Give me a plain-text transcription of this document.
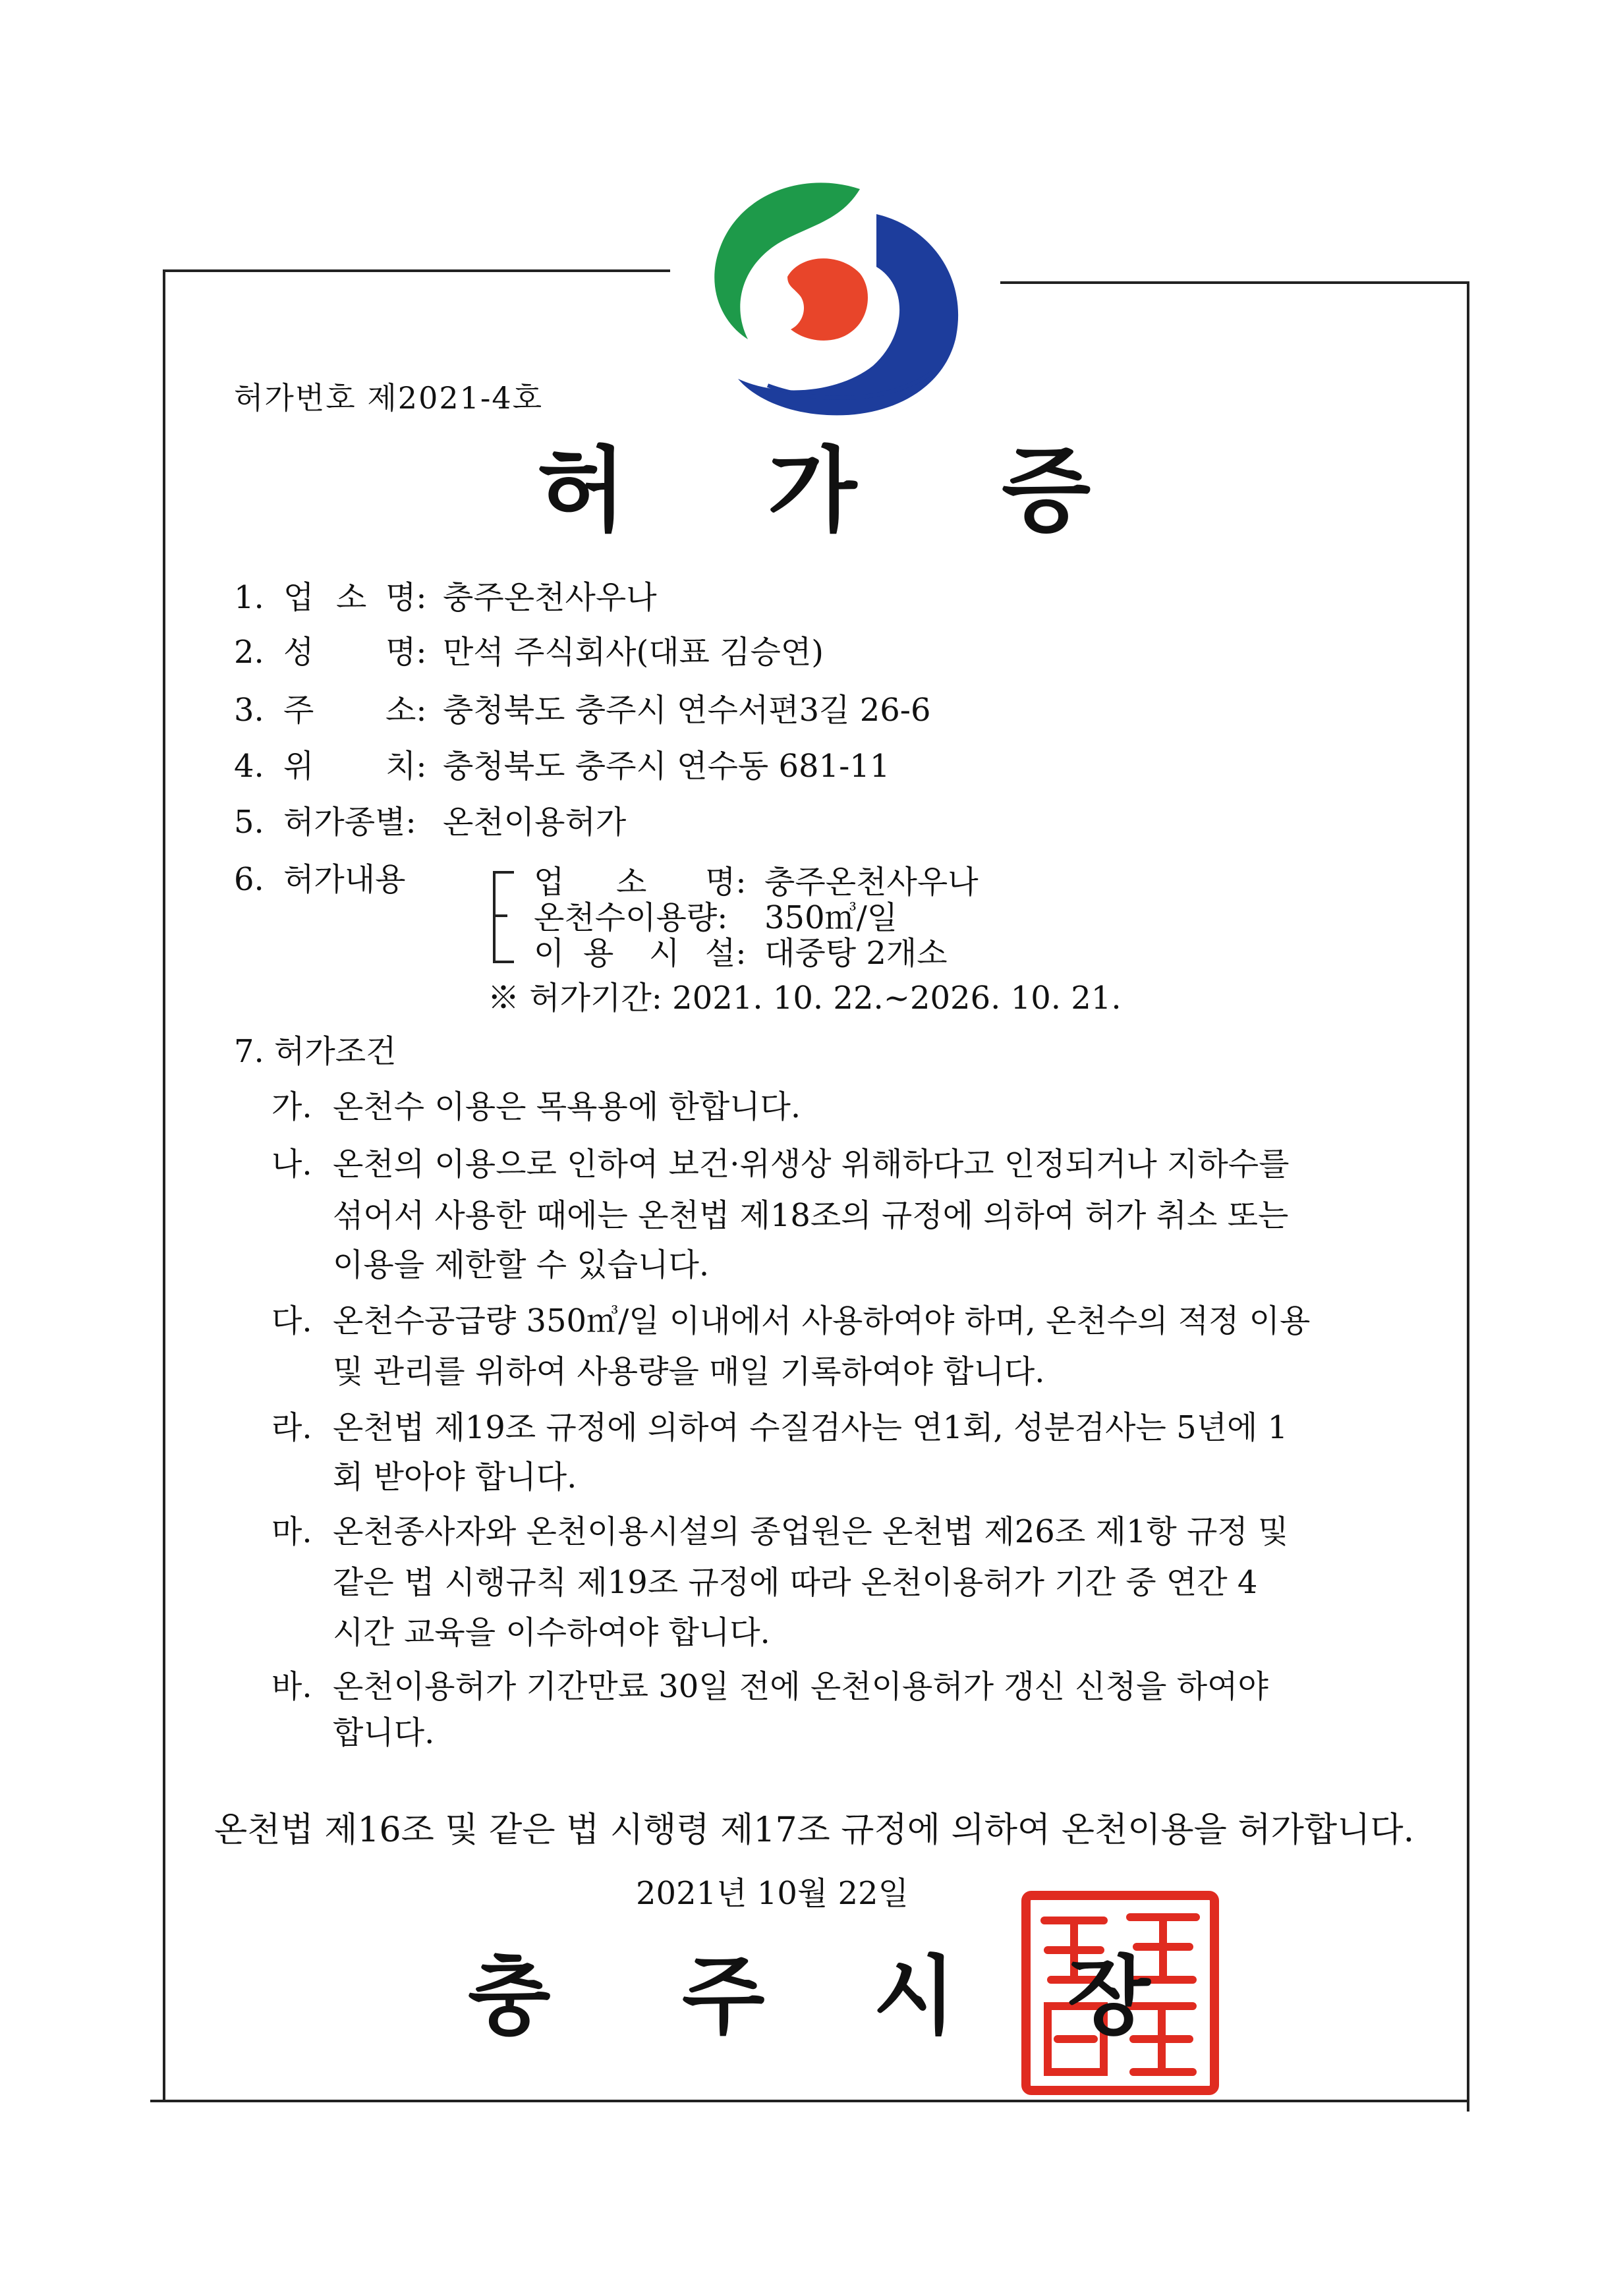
허가번호 제2021-4호
허 가 증
1. 업 소 명: 충주온천사우나
2. 성 명: 만석 주식회사(대표 김승연)
3. 주 소: 충청북도 충주시 연수서편3길 26-6
4. 위 치: 충청북도 충주시 연수동 681-11
5. 허가종별: 온천이용허가
6. 허가내용	업 소 명: 충주온천사우나
온천수이용량: 350㎥/일
이 용 시 설: 대중탕 2개소
※ 허가기간: 2021. 10. 22.~2026. 10. 21.
7. 허가조건
가. 온천수 이용은 목욕용에 한합니다.
나. 온천의 이용으로 인하여 보건·위생상 위해하다고 인정되거나 지하수를
섞어서 사용한 때에는 온천법 제18조의 규정에 의하여 허가 취소 또는
이용을 제한할 수 있습니다.
다. 온천수공급량 350㎥/일 이내에서 사용하여야 하며, 온천수의 적정 이용
및 관리를 위하여 사용량을 매일 기록하여야 합니다.
라. 온천법 제19조 규정에 의하여 수질검사는 연1회, 성분검사는 5년에 1
회 받아야 합니다.
마. 온천종사자와 온천이용시설의 종업원은 온천법 제26조 제1항 규정 및
같은 법 시행규칙 제19조 규정에 따라 온천이용허가 기간 중 연간 4
시간 교육을 이수하여야 합니다.
바. 온천이용허가 기간만료 30일 전에 온천이용허가 갱신 신청을 하여야
합니다.
온천법 제16조 및 같은 법 시행령 제17조 규정에 의하여 온천이용을 허가합니다.
2021년 10월 22일
충 주 시 장
